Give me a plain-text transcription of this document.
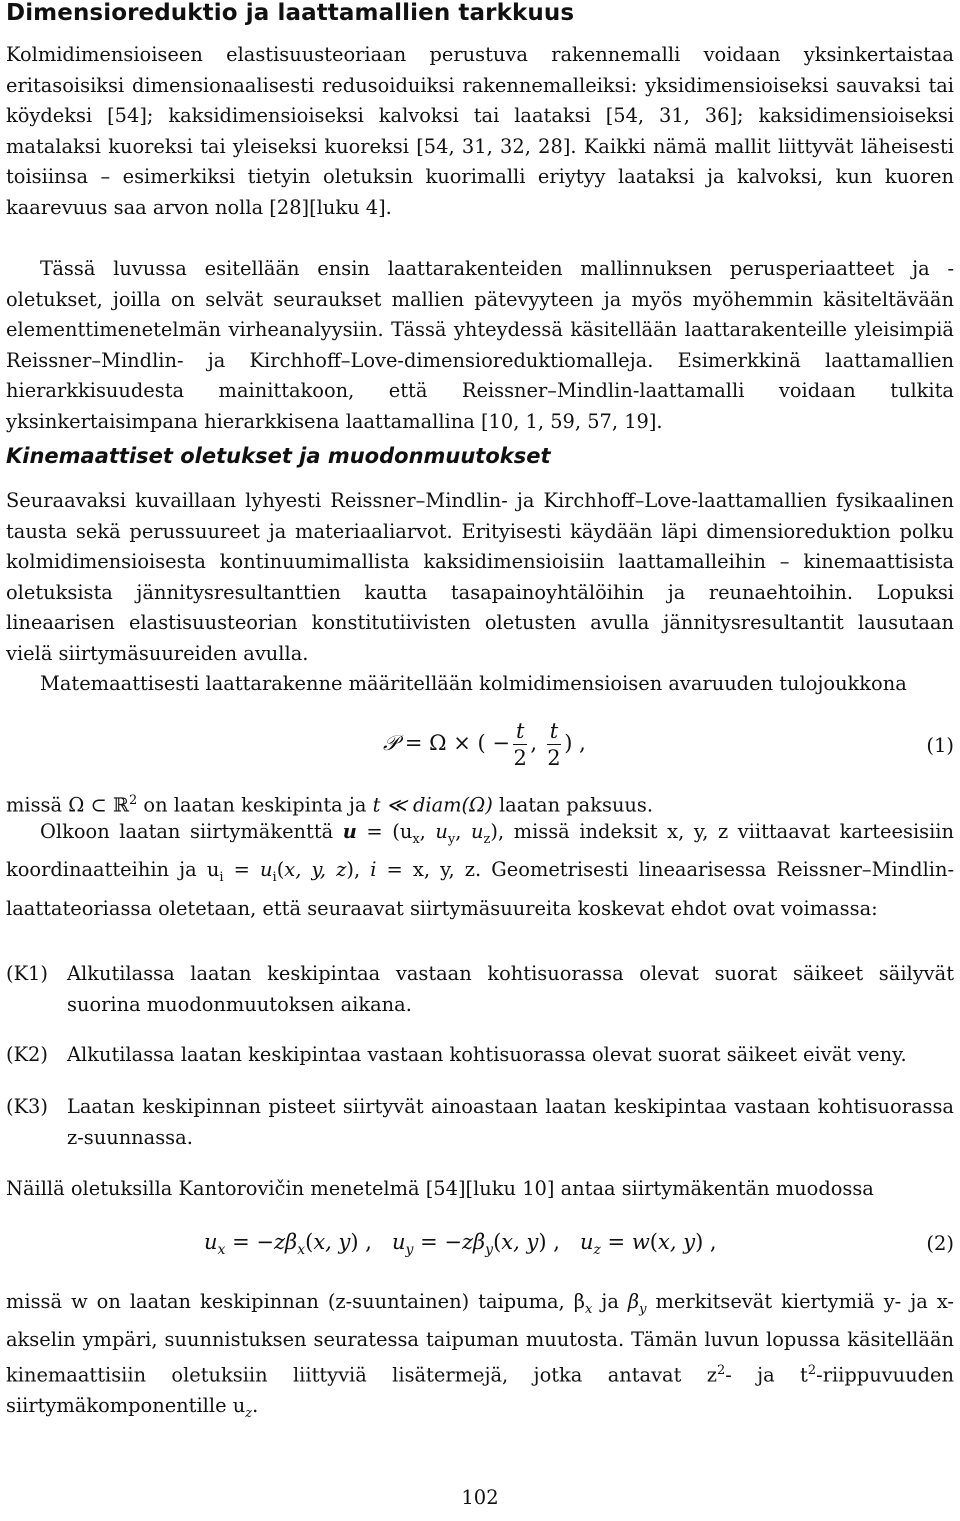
Dimensioreduktio ja laattamallien tarkkuus

Kolmidimensioiseen elastisuusteoriaan perustuva rakennemalli voidaan yksinkertaistaa eritasoisiksi dimensionaalisesti redusoiduiksi rakennemalleiksi: yksidimensioiseksi sauvaksi tai köydeksi [54]; kaksidimensioiseksi kalvoksi tai laataksi [54, 31, 36]; kaksidimensioiseksi matalaksi kuoreksi tai yleiseksi kuoreksi [54, 31, 32, 28]. Kaikki nämä mallit liittyvät läheisesti toisiinsa – esimerkiksi tietyin oletuksin kuorimalli eriytyy laataksi ja kalvoksi, kun kuoren kaarevuus saa arvon nolla [28][luku 4].

Tässä luvussa esitellään ensin laattarakenteiden mallinnuksen perusperiaatteet ja -oletukset, joilla on selvät seuraukset mallien pätevyyteen ja myös myöhemmin käsiteltävään elementtimenetelmän virheanalyysiin. Tässä yhteydessä käsitellään laattarakenteille yleisimpiä Reissner–Mindlin- ja Kirchhoff–Love-dimensioreduktiomalleja. Esimerkkinä laattamallien hierarkkisuudesta mainittakoon, että Reissner–Mindlin-laattamalli voidaan tulkita yksinkertaisimpana hierarkkisena laattamallina [10, 1, 59, 57, 19].

Kinemaattiset oletukset ja muodonmuutokset

Seuraavaksi kuvaillaan lyhyesti Reissner–Mindlin- ja Kirchhoff–Love-laattamallien fysikaalinen tausta sekä perussuureet ja materiaaliarvot. Erityisesti käydään läpi dimensioreduktion polku kolmidimensioisesta kontinuumimallista kaksidimensioisiin laattamalleihin – kinemaattisista oletuksista jännitysresultanttien kautta tasapainoyhtälöihin ja reunaehtoihin. Lopuksi lineaarisen elastisuusteorian konstitutiivisten oletusten avulla jännitysresultantit lausutaan vielä siirtymäsuureiden avulla.

Matemaattisesti laattarakenne määritellään kolmidimensioisen avaruuden tulojoukkona

𝒫 = Ω × ( − $\frac{t}{2}$ , $\frac{t}{2}$ ) ,	(1)

missä Ω ⊂ ℝ$^2$ on laatan keskipinta ja t ≪ diam(Ω) laatan paksuus.

Olkoon laatan siirtymäkenttä $u = (u_x$, $u_y$, $u_z$), missä indeksit x, y, z viittaavat karteesisiin koordinaatteihin ja $u_i = u_i(x$, y, z), i = x, y, z. Geometrisesti lineaarisessa Reissner–Mindlin-laattateoriassa oletetaan, että seuraavat siirtymäsuureita koskevat ehdot ovat voimassa:

(K1) Alkutilassa laatan keskipintaa vastaan kohtisuorassa olevat suorat säikeet säilyvät suorina muodonmuutoksen aikana.

(K2) Alkutilassa laatan keskipintaa vastaan kohtisuorassa olevat suorat säikeet eivät veny.

(K3) Laatan keskipinnan pisteet siirtyvät ainoastaan laatan keskipintaa vastaan kohtisuorassa z-suunnassa.

Näillä oletuksilla Kantorovičin menetelmä [54][luku 10] antaa siirtymäkentän muodossa

$u_x = -z\beta_x(x$, y) ,   $u_y = -z\beta_y(x$, y) ,   $u_z = w(x$, y) ,	(2)

missä w on laatan keskipinnan (z-suuntainen) taipuma, $\beta_x$ ja $\beta_y$ merkitsevät kiertymiä y- ja x-akselin ympäri, suunnistuksen seuratessa taipuman muutosta. Tämän luvun lopussa käsitellään kinemaattisiin oletuksiin liittyviä lisätermejä, jotka antavat $z^2-$ ja $t^2$-riippuvuuden siirtymäkomponentille $u_z$.

102
